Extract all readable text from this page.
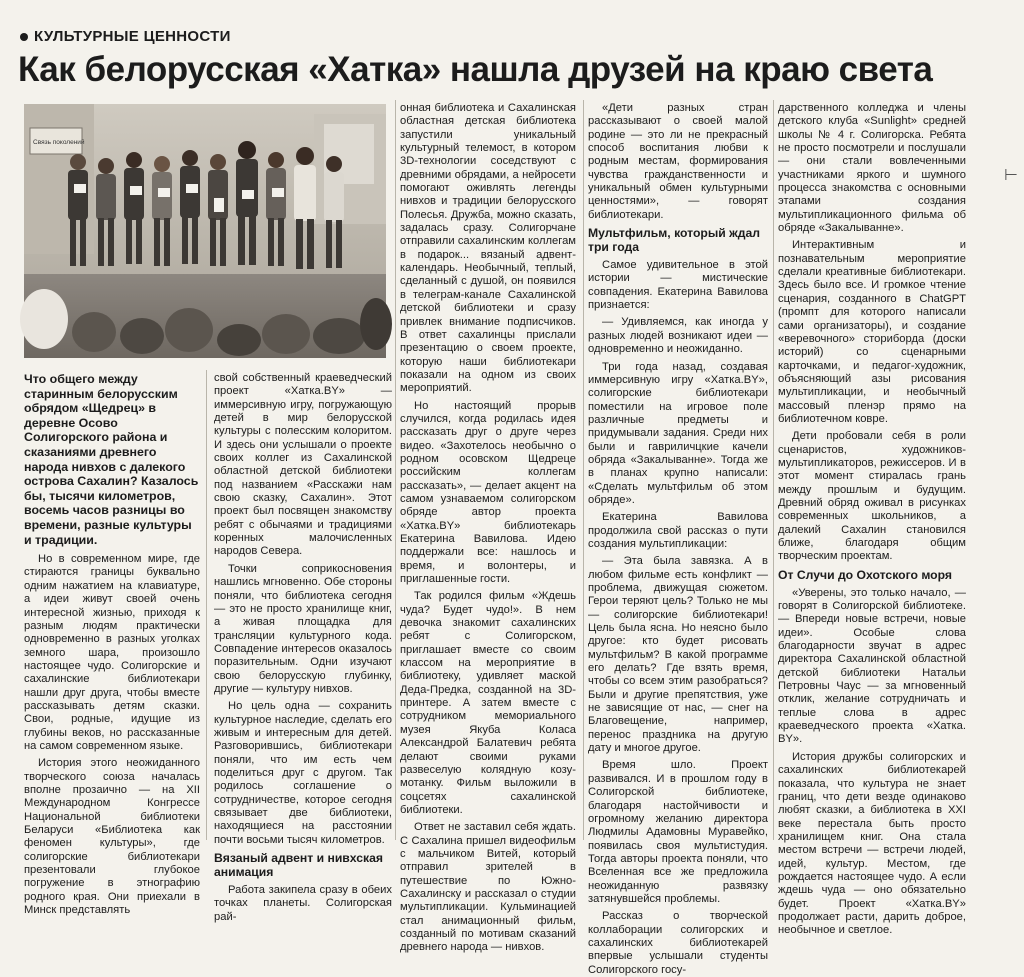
КУЛЬТУРНЫЕ ЦЕННОСТИ
Как белорусская «Хатка» нашла друзей на краю света
Связь поколений

Что общего между старинным белорусским обрядом «Щедрец» в деревне Осово Солигорского района и сказаниями древнего народа нивхов с далекого острова Сахалин? Казалось бы, тысячи километров, восемь часов разницы во времени, разные культуры и традиции.

Но в современном мире, где стираются границы буквально одним нажатием на клавиатуре, а идеи живут своей очень интересной жизнью, приходя к разным людям практически одновременно в разных уголках земного шара, произошло настоящее чудо. Солигорские и сахалинские библиотекари нашли друг друга, чтобы вместе рассказывать детям сказки. Свои, родные, идущие из глубины веков, но рассказанные на самом современном языке.

История этого неожиданного творческого союза началась вполне прозаично — на XII Международном Конгрессе Национальной библиотеки Беларуси «Библиотека как феномен культуры», где солигорские библиотекари презентовали глубокое погружение в этнографию родного края. Они приехали в Минск представлять

свой собственный краеведческий проект «Хатка.BY» — иммерсивную игру, погружающую детей в мир белорусской культуры с полесским колоритом. И здесь они услышали о проекте своих коллег из Сахалинской областной детской библиотеки под названием «Расскажи нам свою сказку, Сахалин». Этот проект был посвящен знакомству ребят с обычаями и традициями коренных малочисленных народов Севера.

Точки соприкосновения нашлись мгновенно. Обе стороны поняли, что библиотека сегодня — это не просто хранилище книг, а живая площадка для трансляции культурного кода. Совпадение интересов оказалось поразительным. Одни изучают свою белорусскую глубинку, другие — культуру нивхов.

Но цель одна — сохранить культурное наследие, сделать его живым и интересным для детей. Разговорившись, библиотекари поняли, что им есть чем поделиться друг с другом. Так родилось соглашение о сотрудничестве, которое сегодня связывает две библиотеки, находящиеся на расстоянии почти восьми тысяч километров.

Вязаный адвент и нивхская анимация

Работа закипела сразу в обеих точках планеты. Солигорская рай-

онная библиотека и Сахалинская областная детская библиотека запустили уникальный культурный телемост, в котором 3D-технологии соседствуют с древними обрядами, а нейросети помогают оживлять легенды нивхов и традиции белорусского Полесья. Дружба, можно сказать, задалась сразу. Солигорчане отправили сахалинским коллегам в подарок... вязаный адвент-календарь. Необычный, теплый, сделанный с душой, он появился в телеграм-канале Сахалинской детской библиотеки и сразу привлек внимание подписчиков. В ответ сахалинцы прислали презентацию о своем проекте, которую наши библиотекари показали на одном из своих мероприятий.

Но настоящий прорыв случился, когда родилась идея рассказать друг о друге через видео. «Захотелось необычно о родном осовском Щедреце российским коллегам рассказать», — делает акцент на самом узнаваемом солигорском обряде автор проекта «Хатка.BY» библиотекарь Екатерина Вавилова. Идею поддержали все: нашлось и время, и волонтеры, и приглашенные гости.

Так родился фильм «Ждешь чуда? Будет чудо!». В нем девочка знакомит сахалинских ребят с Солигорском, приглашает вместе со своим классом на мероприятие в библиотеку, удивляет маской Деда-Предка, созданной на 3D-принтере. А затем вместе с сотрудником мемориального музея Якуба Коласа Александрой Балатевич ребята делают своими руками развеселую колядную козу-мотанку. Фильм выложили в соцсетях сахалинской библиотеки.

Ответ не заставил себя ждать. С Сахалина пришел видеофильм с мальчиком Витей, который отправил зрителей в путешествие по Южно-Сахалинску и рассказал о студии мультипликации. Кульминацией стал анимационный фильм, созданный по мотивам сказаний древнего народа — нивхов.

«Дети разных стран рассказывают о своей малой родине — это ли не прекрасный способ воспитания любви к родным местам, формирования чувства гражданственности и уникальный обмен культурными ценностями», — говорят библиотекари.

Мультфильм, который ждал три года

Самое удивительное в этой истории — мистические совпадения. Екатерина Вавилова признается:

— Удивляемся, как иногда у разных людей возникают идеи — одновременно и неожиданно.

Три года назад, создавая иммерсивную игру «Хатка.BY», солигорские библиотекари поместили на игровое поле различные предметы и придумывали задания. Среди них были и гавриличцкие качели обряда «Закалыванне». Тогда же в планах крупно написали: «Сделать мультфильм об этом обряде».

Екатерина Вавилова продолжила свой рассказ о пути создания мультипликации:

— Эта была завязка. А в любом фильме есть конфликт — проблема, движущая сюжетом. Герои теряют цель? Только не мы — солигорские библиотекари! Цель была ясна. Но неясно было другое: кто будет рисовать мультфильм? В какой программе его делать? Где взять время, чтобы со всем этим разобраться? Были и другие препятствия, уже не зависящие от нас, — снег на Благовещение, например, перенос праздника на другую дату и многое другое.

Время шло. Проект развивался. И в прошлом году в Солигорской библиотеке, благодаря настойчивости и огромному желанию директора Людмилы Адамовны Муравейко, появилась своя мультистудия. Тогда авторы проекта поняли, что Вселенная все же предложила неожиданную развязку затянувшейся проблемы.

Рассказ о творческой коллаборации солигорских и сахалинских библиотекарей впервые услышали студенты Солигорского госу-

дарственного колледжа и члены детского клуба «Sunlight» средней школы № 4 г. Солигорска. Ребята не просто посмотрели и послушали — они стали вовлеченными участниками яркого и шумного процесса знакомства с основными этапами создания мультипликационного фильма об обряде «Закалыванне».

Интерактивным и познавательным мероприятие сделали креативные библиотекари. Здесь было все. И громкое чтение сценария, созданного в ChatGPT (промпт для которого написали сами организаторы), и создание «веревочного» сториборда (доски историй) со сценарными карточками, и педагог-художник, объясняющий азы рисования мультипликации, и необычный массовый пленэр прямо на библиотечном ковре.

Дети пробовали себя в роли сценаристов, художников-мультипликаторов, режиссеров. И в этот момент стиралась грань между прошлым и будущим. Древний обряд оживал в рисунках современных школьников, а далекий Сахалин становился ближе, благодаря общим творческим проектам.

От Случи до Охотского моря

«Уверены, это только начало, — говорят в Солигорской библиотеке. — Впереди новые встречи, новые идеи». Особые слова благодарности звучат в адрес директора Сахалинской областной детской библиотеки Натальи Петровны Чаус — за мгновенный отклик, желание сотрудничать и теплые слова в адрес краеведческого проекта «Хатка. BY».

История дружбы солигорских и сахалинских библиотекарей показала, что культура не знает границ, что дети везде одинаково любят сказки, а библиотека в XXI веке перестала быть просто хранилищем книг. Она стала местом встречи — встречи людей, идей, культур. Местом, где рождается настоящее чудо. А если ждешь чуда — оно обязательно будет. Проект «Хатка.BY» продолжает расти, дарить доброе, необычное и светлое.

⊢
